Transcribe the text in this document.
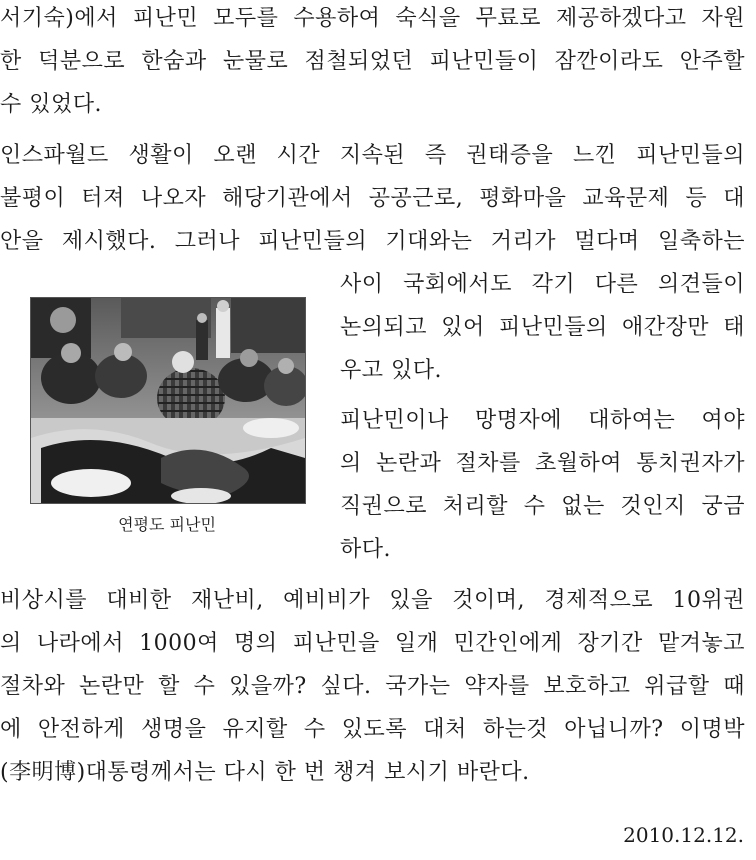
서기숙)에서 피난민 모두를 수용하여 숙식을 무료로 제공하겠다고 자원
한 덕분으로 한숨과 눈물로 점철되었던 피난민들이 잠깐이라도 안주할
수 있었다.
인스파월드 생활이 오랜 시간 지속된 즉 권태증을 느낀 피난민들의
불평이 터져 나오자 해당기관에서 공공근로, 평화마을 교육문제 등 대
안을 제시했다. 그러나 피난민들의 기대와는 거리가 멀다며 일축하는
사이 국회에서도 각기 다른 의견들이
논의되고 있어 피난민들의 애간장만 태
우고 있다.
피난민이나 망명자에 대하여는 여야
의 논란과 절차를 초월하여 통치권자가
직권으로 처리할 수 없는 것인지 궁금
하다.
비상시를 대비한 재난비, 예비비가 있을 것이며, 경제적으로 10위권
의 나라에서 1000여 명의 피난민을 일개 민간인에게 장기간 맡겨놓고
절차와 논란만 할 수 있을까? 싶다. 국가는 약자를 보호하고 위급할 때
에 안전하게 생명을 유지할 수 있도록 대처 하는것 아닙니까? 이명박
(李明博)대통령께서는 다시 한 번 챙겨 보시기 바란다.
연평도 피난민
2010.12.12.
